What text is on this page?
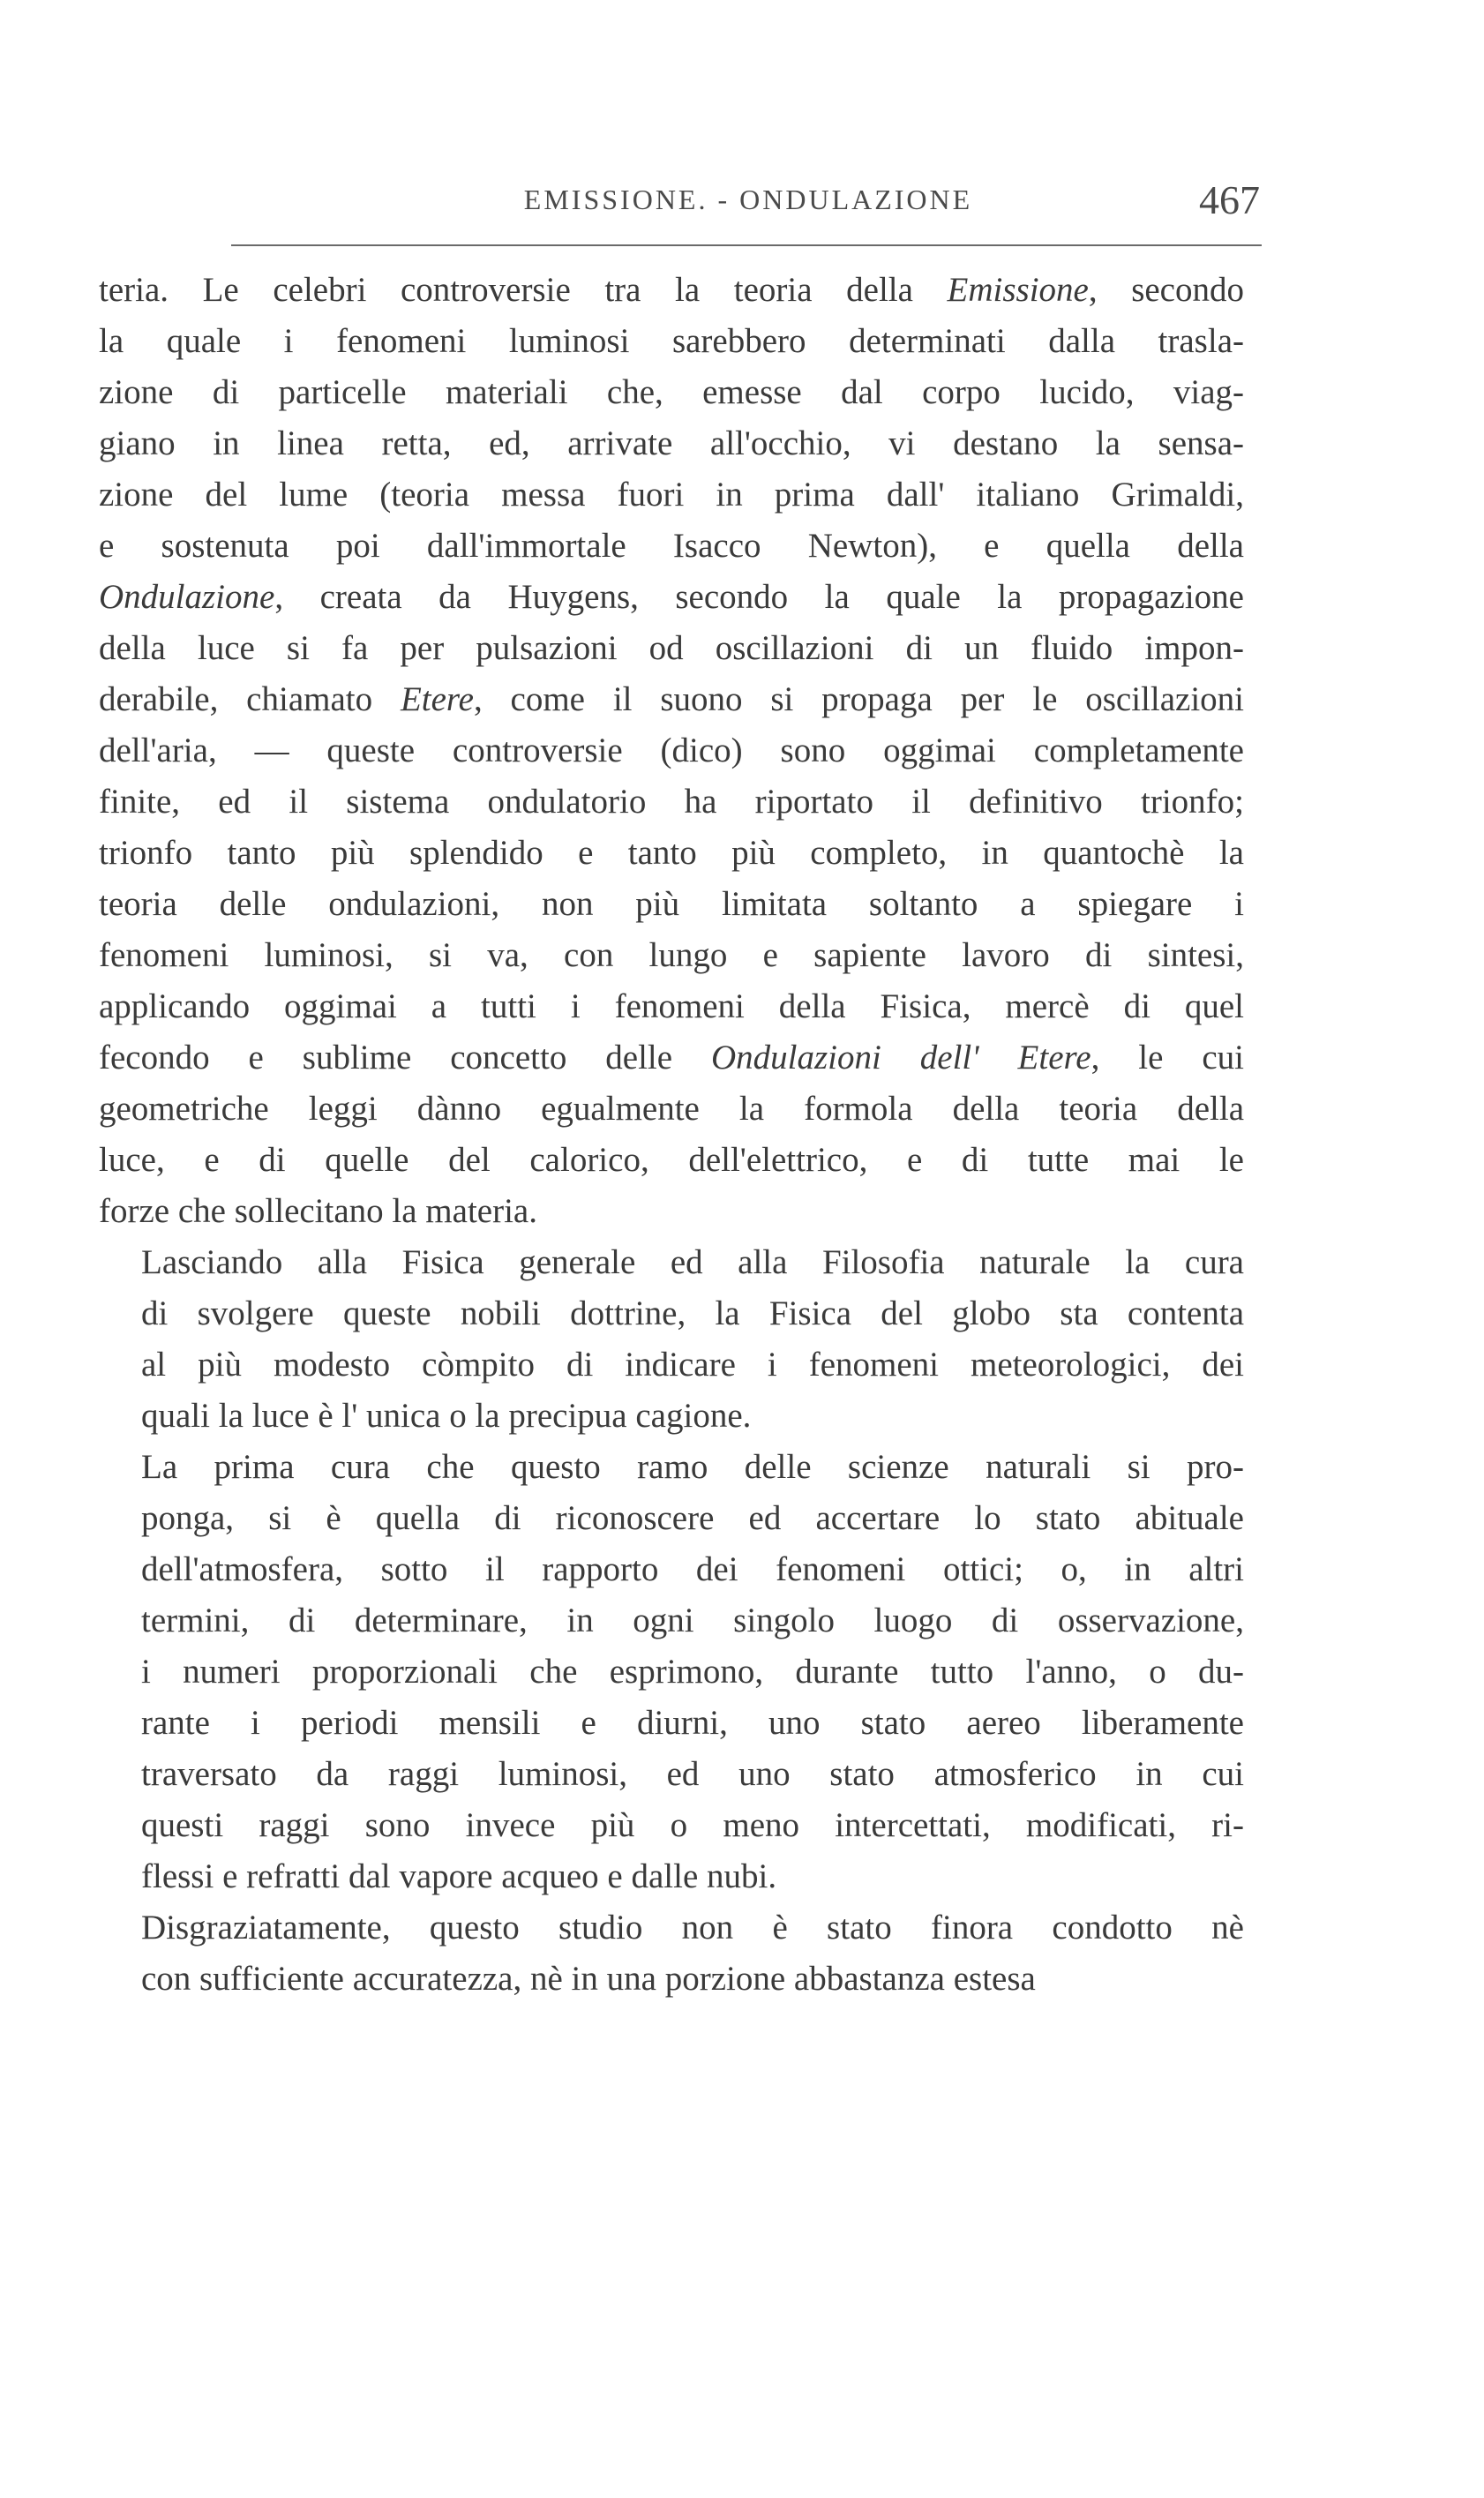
EMISSIONE. - ONDULAZIONE	467
teria. Le celebri controversie tra la teoria della Emissione, secondo
la quale i fenomeni luminosi sarebbero determinati dalla trasla-
zione di particelle materiali che, emesse dal corpo lucido, viag-
giano in linea retta, ed, arrivate all'occhio, vi destano la sensa-
zione del lume (teoria messa fuori in prima dall' italiano Grimaldi,
e sostenuta poi dall'immortale Isacco Newton), e quella della
Ondulazione, creata da Huygens, secondo la quale la propagazione
della luce si fa per pulsazioni od oscillazioni di un fluido impon-
derabile, chiamato Etere, come il suono si propaga per le oscillazioni
dell'aria, — queste controversie (dico) sono oggimai completamente
finite, ed il sistema ondulatorio ha riportato il definitivo trionfo;
trionfo tanto più splendido e tanto più completo, in quantochè la
teoria delle ondulazioni, non più limitata soltanto a spiegare i
fenomeni luminosi, si va, con lungo e sapiente lavoro di sintesi,
applicando oggimai a tutti i fenomeni della Fisica, mercè di quel
fecondo e sublime concetto delle Ondulazioni dell' Etere, le cui
geometriche leggi dànno egualmente la formola della teoria della
luce, e di quelle del calorico, dell'elettrico, e di tutte mai le
forze che sollecitano la materia.
Lasciando alla Fisica generale ed alla Filosofia naturale la cura
di svolgere queste nobili dottrine, la Fisica del globo sta contenta
al più modesto còmpito di indicare i fenomeni meteorologici, dei
quali la luce è l' unica o la precipua cagione.
La prima cura che questo ramo delle scienze naturali si pro-
ponga, si è quella di riconoscere ed accertare lo stato abituale
dell'atmosfera, sotto il rapporto dei fenomeni ottici; o, in altri
termini, di determinare, in ogni singolo luogo di osservazione,
i numeri proporzionali che esprimono, durante tutto l'anno, o du-
rante i periodi mensili e diurni, uno stato aereo liberamente
traversato da raggi luminosi, ed uno stato atmosferico in cui
questi raggi sono invece più o meno intercettati, modificati, ri-
flessi e refratti dal vapore acqueo e dalle nubi.
Disgraziatamente, questo studio non è stato finora condotto nè
con sufficiente accuratezza, nè in una porzione abbastanza estesa
